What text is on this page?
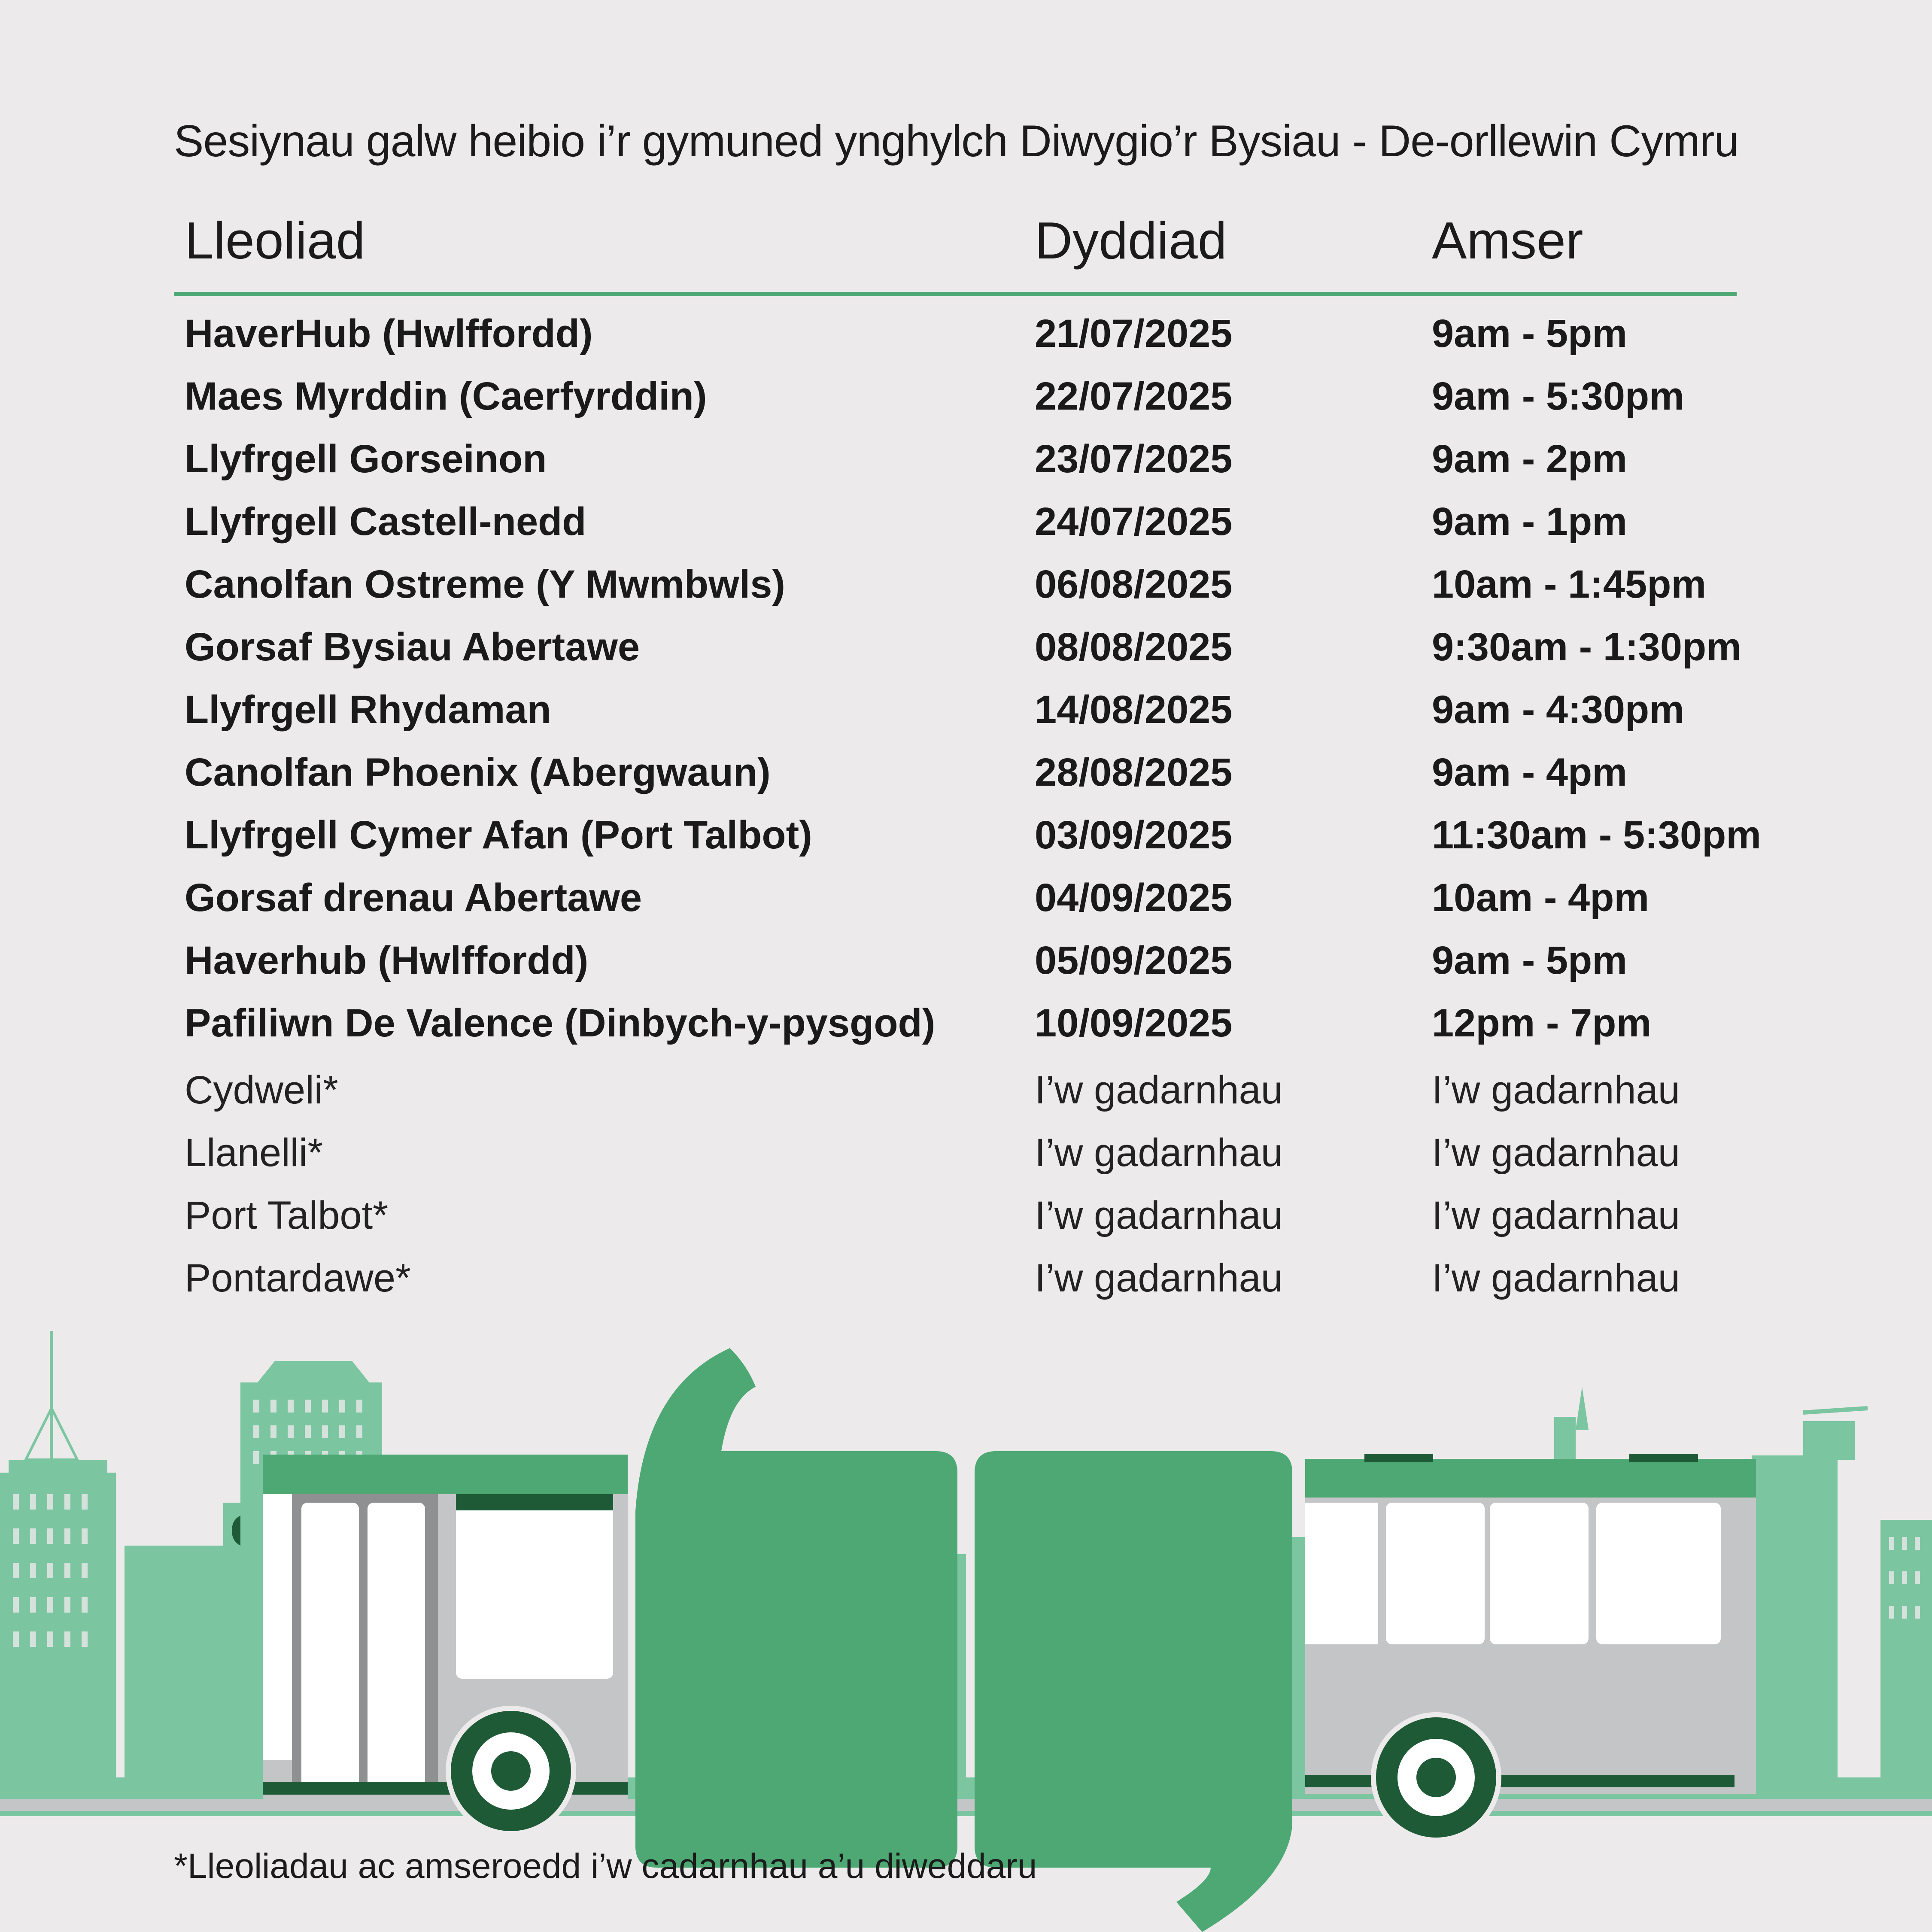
Sesiynau galw heibio i’r gymuned ynghylch Diwygio’r Bysiau - De-orllewin Cymru
Lleoliad	Dyddiad	Amser
HaverHub (Hwlffordd)	21/07/2025	9am - 5pm
Maes Myrddin (Caerfyrddin)	22/07/2025	9am - 5:30pm
Llyfrgell Gorseinon	23/07/2025	9am - 2pm
Llyfrgell Castell-nedd	24/07/2025	9am - 1pm
Canolfan Ostreme (Y Mwmbwls)	06/08/2025	10am - 1:45pm
Gorsaf Bysiau Abertawe	08/08/2025	9:30am - 1:30pm
Llyfrgell Rhydaman	14/08/2025	9am - 4:30pm
Canolfan Phoenix (Abergwaun)	28/08/2025	9am - 4pm
Llyfrgell Cymer Afan (Port Talbot)	03/09/2025	11:30am - 5:30pm
Gorsaf drenau Abertawe	04/09/2025	10am - 4pm
Haverhub (Hwlffordd)	05/09/2025	9am - 5pm
Pafiliwn De Valence (Dinbych-y-pysgod)	10/09/2025	12pm - 7pm
Cydweli*	I’w gadarnhau	I’w gadarnhau
Llanelli*	I’w gadarnhau	I’w gadarnhau
Port Talbot*	I’w gadarnhau	I’w gadarnhau
Pontardawe*	I’w gadarnhau	I’w gadarnhau
*Lleoliadau ac amseroedd i’w cadarnhau a’u diweddaru
